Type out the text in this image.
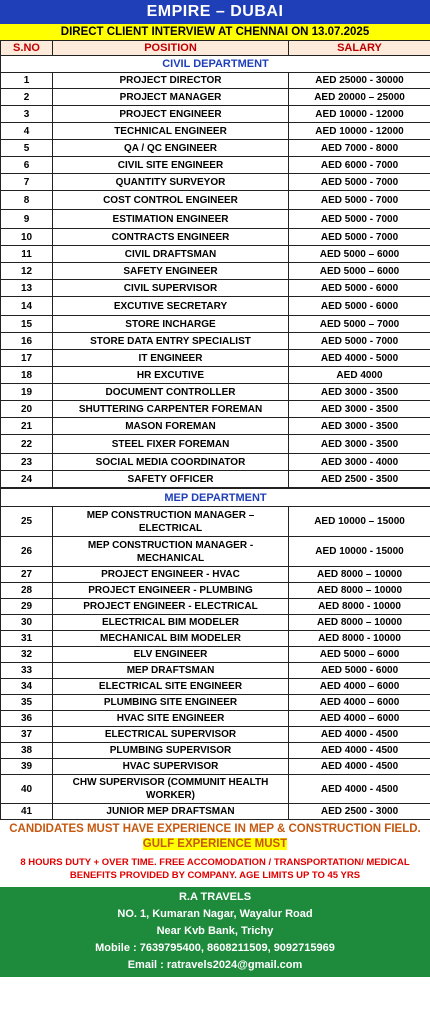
EMPIRE – DUBAI
DIRECT CLIENT INTERVIEW AT CHENNAI ON 13.07.2025
S.NO	POSITION	SALARY
CIVIL DEPARTMENT		
1	PROJECT DIRECTOR	AED 25000 - 30000
2	PROJECT MANAGER	AED 20000 – 25000
3	PROJECT ENGINEER	AED 10000 - 12000
4	TECHNICAL ENGINEER	AED 10000 - 12000
5	QA / QC ENGINEER	AED 7000 - 8000
6	CIVIL SITE ENGINEER	AED 6000 - 7000
7	QUANTITY SURVEYOR	AED 5000 - 7000
8	COST CONTROL ENGINEER	AED 5000 - 7000
9	ESTIMATION ENGINEER	AED 5000 - 7000
10	CONTRACTS ENGINEER	AED 5000 - 7000
11	CIVIL DRAFTSMAN	AED 5000 – 6000
12	SAFETY ENGINEER	AED 5000 – 6000
13	CIVIL SUPERVISOR	AED 5000 - 6000
14	EXCUTIVE SECRETARY	AED 5000 - 6000
15	STORE INCHARGE	AED 5000 – 7000
16	STORE DATA ENTRY SPECIALIST	AED 5000 - 7000
17	IT ENGINEER	AED 4000 - 5000
18	HR EXCUTIVE	AED 4000
19	DOCUMENT CONTROLLER	AED 3000 - 3500
20	SHUTTERING CARPENTER FOREMAN	AED 3000 - 3500
21	MASON FOREMAN	AED 3000 - 3500
22	STEEL FIXER FOREMAN	AED 3000 - 3500
23	SOCIAL MEDIA COORDINATOR	AED 3000 - 4000
24	SAFETY OFFICER	AED 2500 - 3500
MEP DEPARTMENT		
25	MEP CONSTRUCTION MANAGER – ELECTRICAL	AED 10000 – 15000
26	MEP CONSTRUCTION MANAGER - MECHANICAL	AED 10000 - 15000
27	PROJECT ENGINEER - HVAC	AED 8000 – 10000
28	PROJECT ENGINEER - PLUMBING	AED 8000 – 10000
29	PROJECT ENGINEER - ELECTRICAL	AED 8000 - 10000
30	ELECTRICAL BIM MODELER	AED 8000 – 10000
31	MECHANICAL BIM MODELER	AED 8000 - 10000
32	ELV ENGINEER	AED 5000 – 6000
33	MEP DRAFTSMAN	AED 5000 - 6000
34	ELECTRICAL SITE ENGINEER	AED 4000 – 6000
35	PLUMBING SITE ENGINEER	AED 4000 – 6000
36	HVAC SITE ENGINEER	AED 4000 – 6000
37	ELECTRICAL SUPERVISOR	AED 4000 - 4500
38	PLUMBING SUPERVISOR	AED 4000 - 4500
39	HVAC SUPERVISOR	AED 4000 - 4500
40	CHW SUPERVISOR (COMMUNIT HEALTH WORKER)	AED 4000 - 4500
41	JUNIOR MEP DRAFTSMAN	AED 2500 - 3000
CANDIDATES MUST HAVE EXPERIENCE IN MEP & CONSTRUCTION FIELD. GULF EXPERIENCE MUST
8 HOURS DUTY + OVER TIME. FREE ACCOMODATION / TRANSPORTATION/ MEDICAL BENEFITS PROVIDED BY COMPANY. AGE LIMITS UP TO 45 YRS
R.A TRAVELS
NO. 1, Kumaran Nagar, Wayalur Road
Near Kvb Bank, Trichy
Mobile : 7639795400, 8608211509, 9092715969
Email : ratravels2024@gmail.com
